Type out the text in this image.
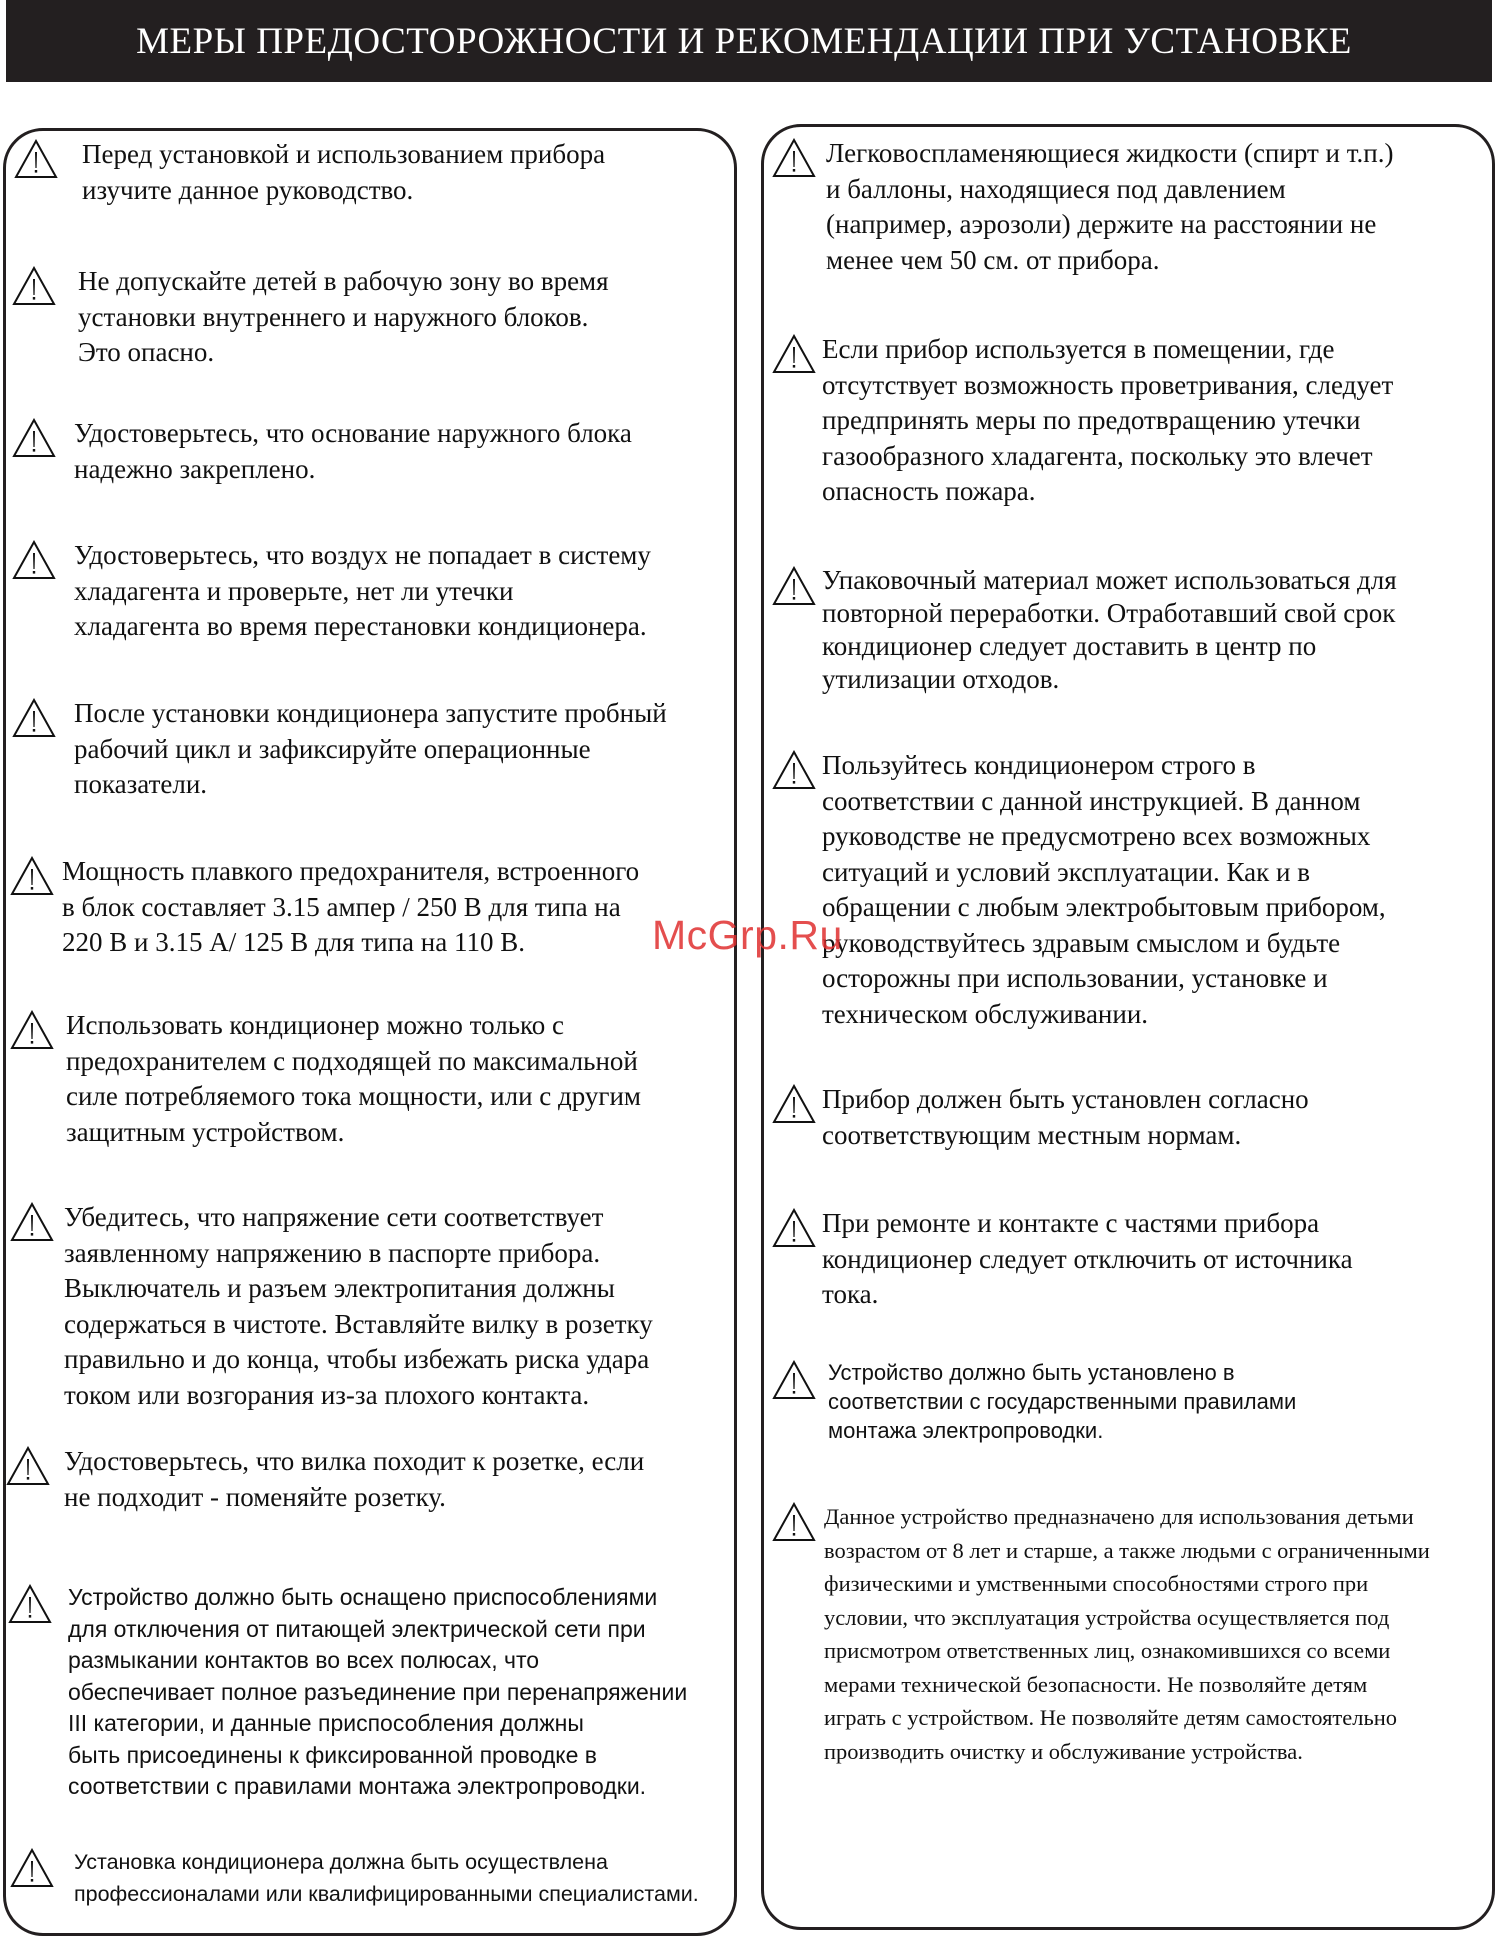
МЕРЫ ПРЕДОСТОРОЖНОСТИ И РЕКОМЕНДАЦИИ ПРИ УСТАНОВКЕ
Перед установкой и использованием прибора
изучите данное руководство.
Не допускайте детей в рабочую зону во время
установки внутреннего и наружного блоков.
Это опасно.
Удостоверьтесь, что основание наружного блока
надежно закреплено.
Удостоверьтесь, что воздух не попадает в систему
хладагента и проверьте, нет ли утечки
хладагента во время перестановки кондиционера.
После установки кондиционера запустите пробный
рабочий цикл и зафиксируйте операционные
показатели.
Мощность плавкого предохранителя, встроенного
в блок составляет 3.15 ампер / 250 В для типа на
220 В и 3.15 А/ 125 В для типа на 110 В.
Использовать кондиционер можно только с
предохранителем с подходящей по максимальной
силе потребляемого тока мощности, или с другим
защитным устройством.
Убедитесь, что напряжение сети соответствует
заявленному напряжению в паспорте прибора.
Выключатель и разъем электропитания должны
содержаться в чистоте. Вставляйте вилку в розетку
правильно и до конца, чтобы избежать риска удара
током или возгорания из-за плохого контакта.
Удостоверьтесь, что вилка походит к розетке, если
не подходит - поменяйте розетку.
Устройство должно быть оснащено приспособлениями
для отключения от питающей электрической сети при
размыкании контактов во всех полюсах, что
обеспечивает полное разъединение при перенапряжении
III категории, и данные приспособления должны
быть присоединены к фиксированной проводке в
соответствии с правилами монтажа электропроводки.
Установка кондиционера должна быть осуществлена
профессионалами или квалифицированными специалистами.
Легковоспламеняющиеся жидкости (спирт и т.п.)
и баллоны, находящиеся под давлением
(например, аэрозоли) держите на расстоянии не
менее чем 50 см. от прибора.
Если прибор используется в помещении, где
отсутствует возможность проветривания, следует
предпринять меры по предотвращению утечки
газообразного хладагента, поскольку это влечет
опасность пожара.
Упаковочный материал может использоваться для
повторной переработки. Отработавший свой срок
кондиционер следует доставить в центр по
утилизации отходов.
Пользуйтесь кондиционером строго в
соответствии с данной инструкцией. В данном
руководстве не предусмотрено всех возможных
ситуаций и условий эксплуатации. Как и в
обращении с любым электробытовым прибором,
руководствуйтесь здравым смыслом и будьте
осторожны при использовании, установке и
техническом обслуживании.
Прибор должен быть установлен согласно
соответствующим местным нормам.
При ремонте и контакте с частями прибора
кондиционер следует отключить от источника
тока.
Устройство должно быть установлено в
соответствии с государственными правилами
монтажа электропроводки.
Данное устройство предназначено для использования детьми
возрастом от 8 лет и старше, а также людьми с ограниченными
физическими и умственными способностями строго при
условии, что эксплуатация устройства осуществляется под
присмотром ответственных лиц, ознакомившихся со всеми
мерами технической безопасности. Не позволяйте детям
играть с устройством. Не позволяйте детям самостоятельно
производить очистку и обслуживание устройства.
McGrp.Ru
